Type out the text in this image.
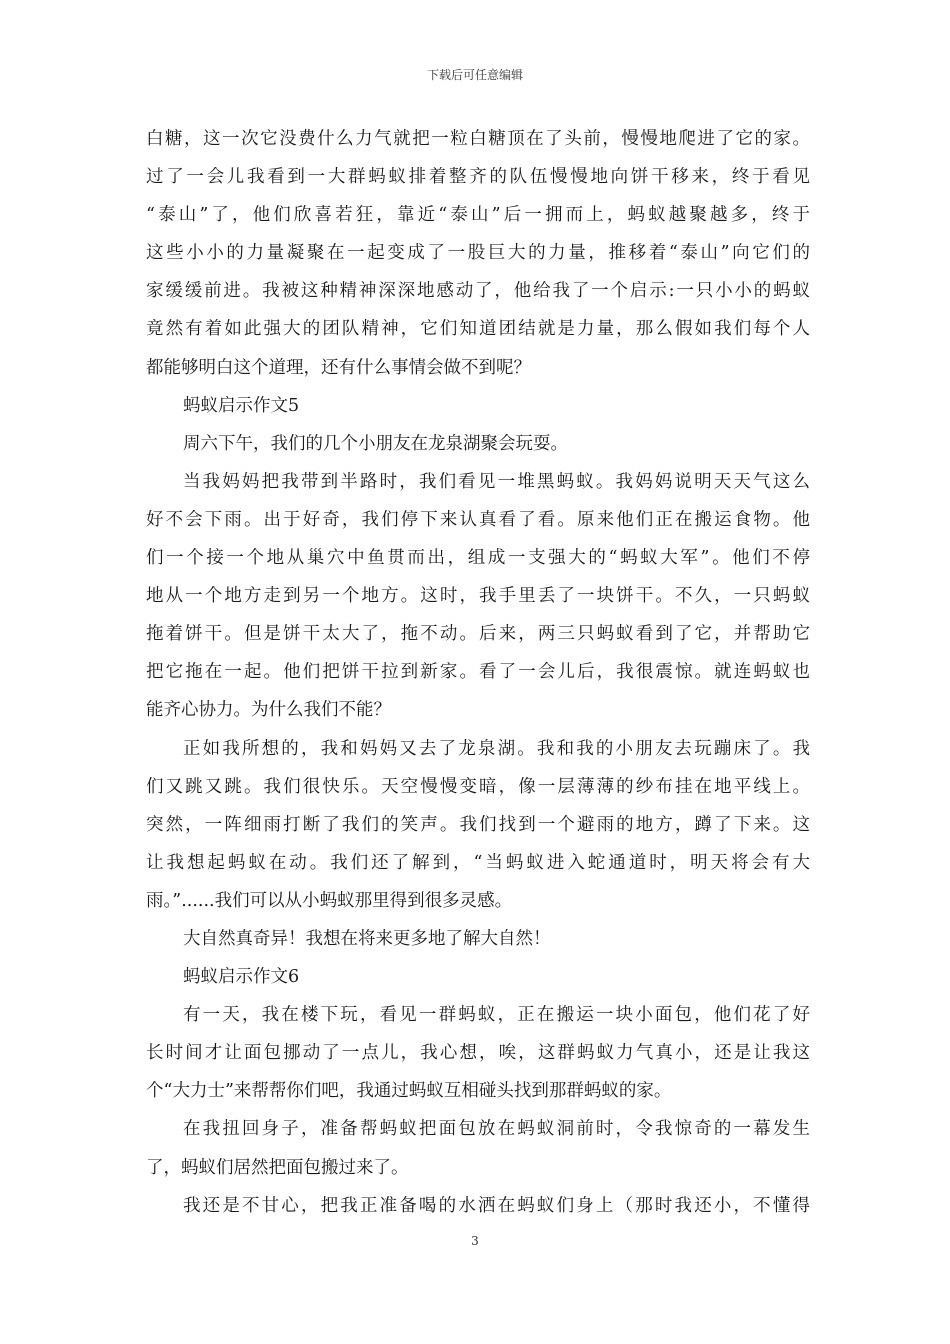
下载后可任意编辑
白糖，这一次它没费什么力气就把一粒白糖顶在了头前，慢慢地爬进了它的家。
过了一会儿我看到一大群蚂蚁排着整齐的队伍慢慢地向饼干移来，终于看见
“泰山”了，他们欣喜若狂，靠近“泰山”后一拥而上，蚂蚁越聚越多，终于
这些小小的力量凝聚在一起变成了一股巨大的力量，推移着“泰山”向它们的
家缓缓前进。我被这种精神深深地感动了，他给我了一个启示:一只小小的蚂蚁
竟然有着如此强大的团队精神，它们知道团结就是力量，那么假如我们每个人
都能够明白这个道理，还有什么事情会做不到呢？
蚂蚁启示作文5
周六下午，我们的几个小朋友在龙泉湖聚会玩耍。
当我妈妈把我带到半路时，我们看见一堆黑蚂蚁。我妈妈说明天天气这么
好不会下雨。出于好奇，我们停下来认真看了看。原来他们正在搬运食物。他
们一个接一个地从巢穴中鱼贯而出，组成一支强大的“蚂蚁大军”。他们不停
地从一个地方走到另一个地方。这时，我手里丢了一块饼干。不久，一只蚂蚁
拖着饼干。但是饼干太大了，拖不动。后来，两三只蚂蚁看到了它，并帮助它
把它拖在一起。他们把饼干拉到新家。看了一会儿后，我很震惊。就连蚂蚁也
能齐心协力。为什么我们不能？
正如我所想的，我和妈妈又去了龙泉湖。我和我的小朋友去玩蹦床了。我
们又跳又跳。我们很快乐。天空慢慢变暗，像一层薄薄的纱布挂在地平线上。
突然，一阵细雨打断了我们的笑声。我们找到一个避雨的地方，蹲了下来。这
让我想起蚂蚁在动。我们还了解到，“当蚂蚁进入蛇通道时，明天将会有大
雨。”......我们可以从小蚂蚁那里得到很多灵感。
大自然真奇异！我想在将来更多地了解大自然！
蚂蚁启示作文6
有一天，我在楼下玩，看见一群蚂蚁，正在搬运一块小面包，他们花了好
长时间才让面包挪动了一点儿，我心想，唉，这群蚂蚁力气真小，还是让我这
个“大力士”来帮帮你们吧，我通过蚂蚁互相碰头找到那群蚂蚁的家。
在我扭回身子，准备帮蚂蚁把面包放在蚂蚁洞前时，令我惊奇的一幕发生
了，蚂蚁们居然把面包搬过来了。
我还是不甘心，把我正准备喝的水洒在蚂蚁们身上（那时我还小，不懂得
3
